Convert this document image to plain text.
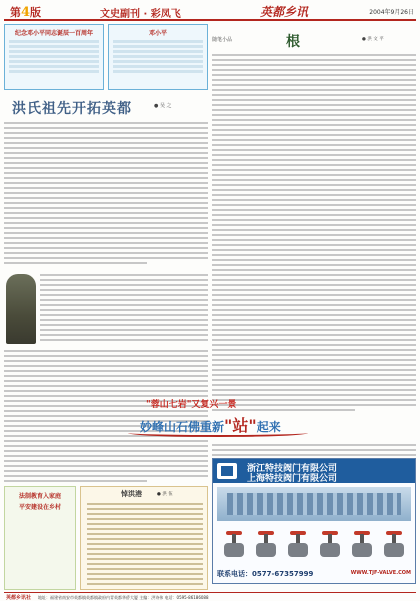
第4版	文史副刊 · 彩凤飞	英都乡讯	2004年9月26日
纪念邓小平同志诞辰一百周年	邓小平
洪氏祖先开拓英都	● 吴 之
法制教育入家庭
平安建设在乡村
悼洪港	● 洪 伍
随笔小品	根	● 洪 文 平
"蓉山七岩"又复兴一景
妙峰山石佛重新"站"起来
浙江特技阀门有限公司
上海特技阀门有限公司
联系电话：0577-67357999	WWW.TJF-VALVE.COM
英都乡讯社 地址：福建省南安市英都镇英都镇政府内青英都华侨大厦 主编：洪诗伟 电话：0595-86186088
